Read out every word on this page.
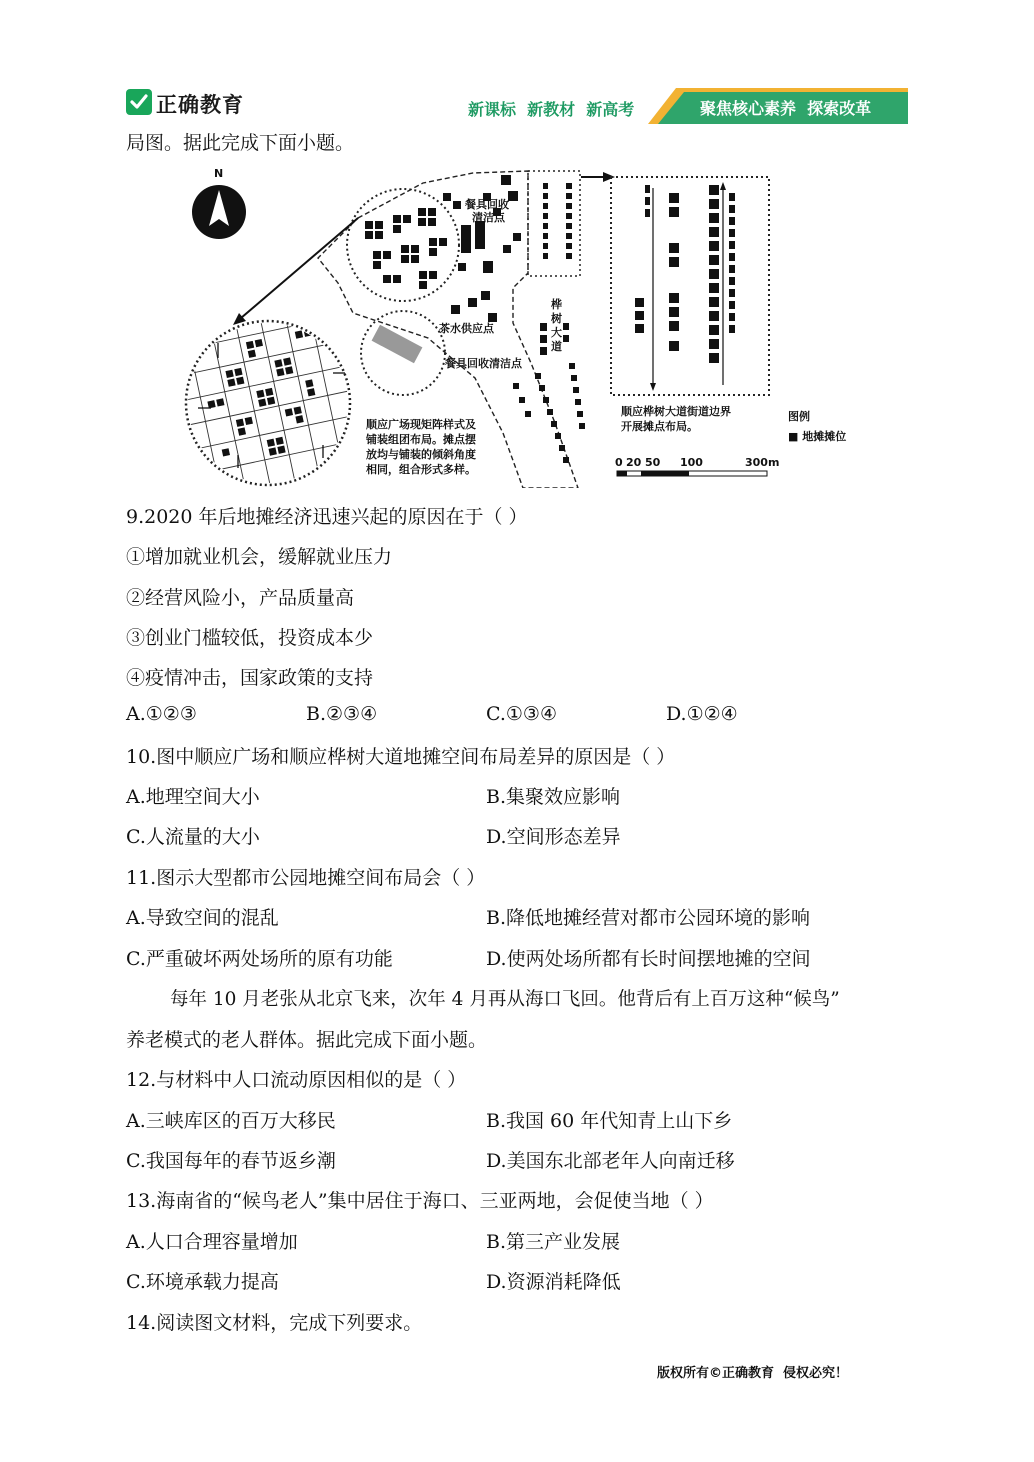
正确教育	新课标  新教材  新高考	聚焦核心素养  探索改革
局图。据此完成下面小题。
N
餐具回收
清洁点
茶水供应点
餐具回收清洁点
桦
树
大
道
顺应广场现矩阵样式及
铺装组团布局。摊点摆
放均与铺装的倾斜角度
相同，组合形式多样。
顺应桦树大道街道边界
开展摊点布局。
图例
■ 地摊摊位
0 20 50 100	300m
9.2020 年后地摊经济迅速兴起的原因在于（ ）
①增加就业机会，缓解就业压力
②经营风险小，产品质量高
③创业门槛较低，投资成本少
④疫情冲击，国家政策的支持
A.①②③	B.②③④	C.①③④	D.①②④
10.图中顺应广场和顺应桦树大道地摊空间布局差异的原因是（ ）
A.地理空间大小	B.集聚效应影响
C.人流量的大小	D.空间形态差异
11.图示大型都市公园地摊空间布局会（ ）
A.导致空间的混乱	B.降低地摊经营对都市公园环境的影响
C.严重破坏两处场所的原有功能	D.使两处场所都有长时间摆地摊的空间
每年 10 月老张从北京飞来，次年 4 月再从海口飞回。他背后有上百万这种“候鸟”
养老模式的老人群体。据此完成下面小题。
12.与材料中人口流动原因相似的是（ ）
A.三峡库区的百万大移民	B.我国 60 年代知青上山下乡
C.我国每年的春节返乡潮	D.美国东北部老年人向南迁移
13.海南省的“候鸟老人”集中居住于海口、三亚两地，会促使当地（ ）
A.人口合理容量增加	B.第三产业发展
C.环境承载力提高	D.资源消耗降低
14.阅读图文材料，完成下列要求。
版权所有©正确教育  侵权必究！
